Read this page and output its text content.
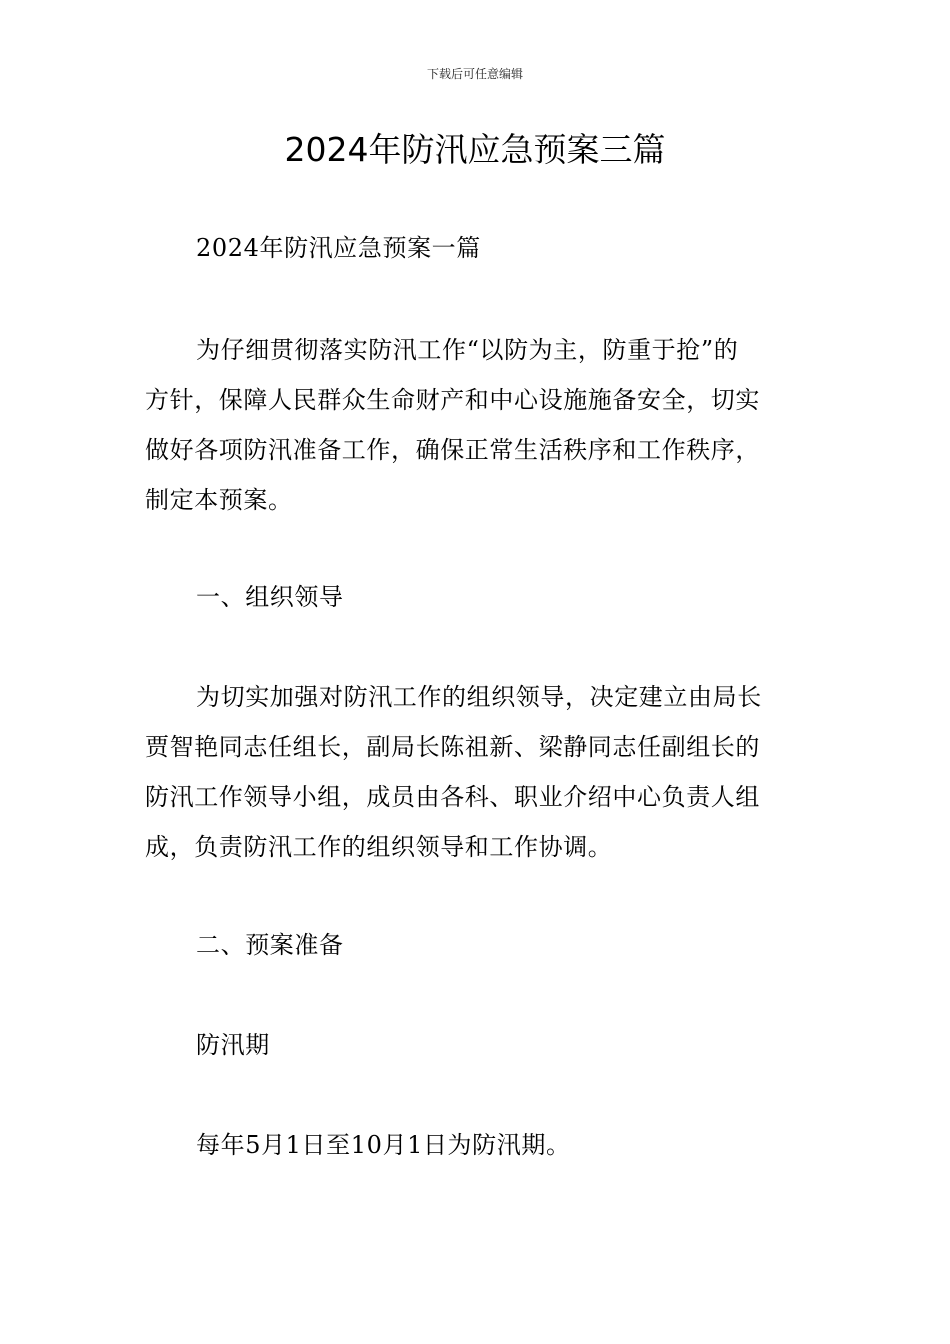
下载后可任意编辑
2024年防汛应急预案三篇

2024年防汛应急预案一篇

为仔细贯彻落实防汛工作“以防为主，防重于抢”的
方针，保障人民群众生命财产和中心设施施备安全，切实
做好各项防汛准备工作，确保正常生活秩序和工作秩序，
制定本预案。

一、组织领导

为切实加强对防汛工作的组织领导，决定建立由局长
贾智艳同志任组长，副局长陈祖新、梁静同志任副组长的
防汛工作领导小组，成员由各科、职业介绍中心负责人组
成，负责防汛工作的组织领导和工作协调。

二、预案准备

防汛期

每年5月1日至10月1日为防汛期。
